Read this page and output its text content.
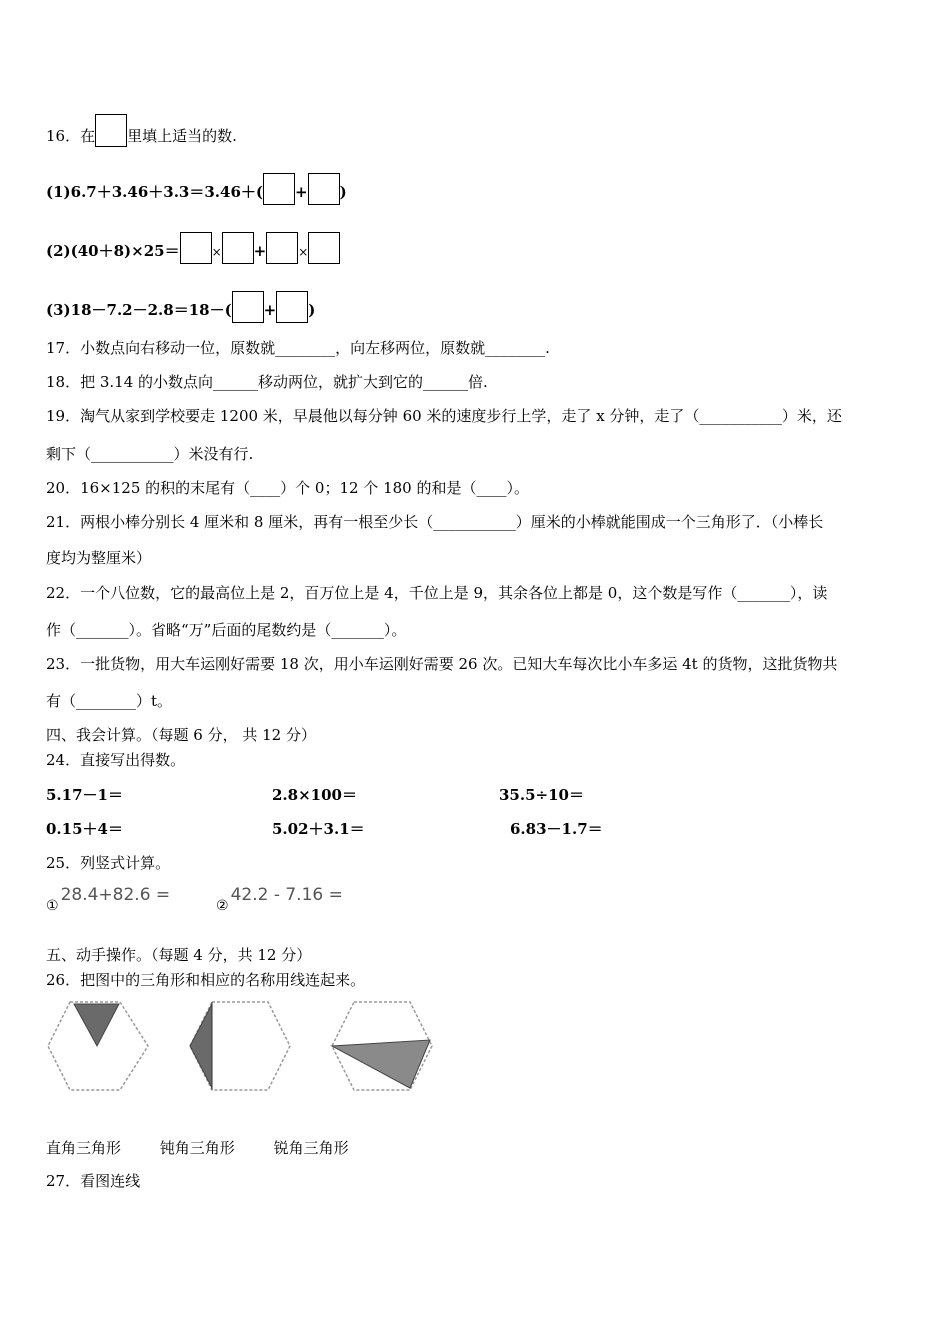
16．在 里填上适当的数.
(1)6.7＋3.46＋3.3＝3.46＋( + )
(2)(40＋8)×25＝	× +	×
(3)18－7.2－2.8＝18－( + )
17．小数点向右移动一位，原数就________，向左移两位，原数就________.
18．把 3.14 的小数点向______移动两位，就扩大到它的______倍.
19．淘气从家到学校要走 1200 米，早晨他以每分钟 60 米的速度步行上学，走了 x 分钟，走了（___________）米，还
剩下（___________）米没有行.
20．16×125 的积的末尾有（____）个 0；12 个 180 的和是（____）。
21．两根小棒分别长 4 厘米和 8 厘米，再有一根至少长（___________）厘米的小棒就能围成一个三角形了．（小棒长
度均为整厘米）
22．一个八位数，它的最高位上是 2，百万位上是 4，千位上是 9，其余各位上都是 0，这个数是写作（_______），读
作（_______）。省略“万”后面的尾数约是（_______）。
23．一批货物，用大车运刚好需要 18 次，用小车运刚好需要 26 次。已知大车每次比小车多运 4t 的货物，这批货物共
有（________）t。
四、我会计算。（每题 6 分， 共 12 分）
24．直接写出得数。
5.17－1＝	2.8×100＝	35.5÷10＝
0.15＋4＝	5.02＋3.1＝	6.83－1.7＝
25．列竖式计算。
①28.4+82.6 =
②42.2 - 7.16 =
五、动手操作。（每题 4 分，共 12 分）
26．把图中的三角形和相应的名称用线连起来。
直角三角形	钝角三角形	锐角三角形
27．看图连线
